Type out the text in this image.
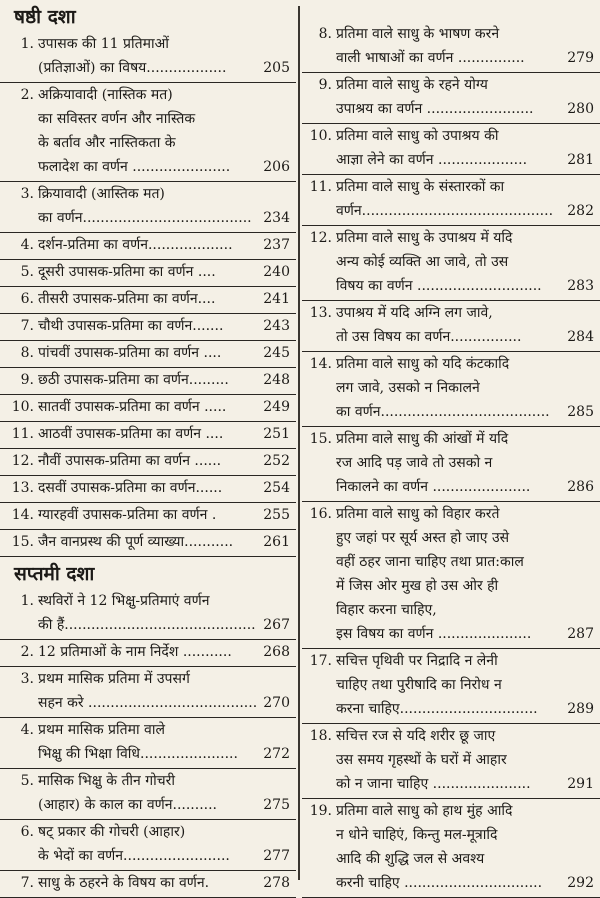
षष्ठी दशा
1. उपासक की 11 प्रतिमाओं
(प्रतिज्ञाओं) का विषय..................	205
2. अक्रियावादी (नास्तिक मत)
का सविस्तर वर्णन और नास्तिक
के बर्ताव और नास्तिकता के
फलादेश का वर्णन ...................... 206
3. क्रियावादी (आस्तिक मत)
का वर्णन...................................... 234
4. दर्शन-प्रतिमा का वर्णन................... 237
5. दूसरी उपासक-प्रतिमा का वर्णन ....	240
6. तीसरी उपासक-प्रतिमा का वर्णन....	241
7. चौथी उपासक-प्रतिमा का वर्णन.......	243
8. पांचवीं उपासक-प्रतिमा का वर्णन ....	245
9. छठी उपासक-प्रतिमा का वर्णन......... 248
10. सातवीं उपासक-प्रतिमा का वर्णन .....	249
11. आठवीं उपासक-प्रतिमा का वर्णन ....	251
12. नौवीं उपासक-प्रतिमा का वर्णन ......	252
13. दसवीं उपासक-प्रतिमा का वर्णन......	254
14. ग्यारहवीं उपासक-प्रतिमा का वर्णन .	255
15. जैन वानप्रस्थ की पूर्ण व्याख्या........... 261
सप्तमी दशा
1. स्थविरों ने 12 भिक्षु-प्रतिमाएं वर्णन
की हैं........................................... 267
2. 12 प्रतिमाओं के नाम निर्देश ........... 268
3. प्रथम मासिक प्रतिमा में उपसर्ग
सहन करे ...................................... 270
4. प्रथम मासिक प्रतिमा वाले
भिक्षु की भिक्षा विधि...................... 272
5. मासिक भिक्षु के तीन गोचरी
(आहार) के काल का वर्णन..........	275
6. षट् प्रकार की गोचरी (आहार)
के भेदों का वर्णन........................ 277
7. साधु के ठहरने के विषय का वर्णन.	278
8. प्रतिमा वाले साधु के भाषण करने
वाली भाषाओं का वर्णन ...............	279
9. प्रतिमा वाले साधु के रहने योग्य
उपाश्रय का वर्णन ........................ 280
10. प्रतिमा वाले साधु को उपाश्रय की
आज्ञा लेने का वर्णन ....................	281
11. प्रतिमा वाले साधु के संस्तारकों का
वर्णन........................................... 282
12. प्रतिमा वाले साधु के उपाश्रय में यदि
अन्य कोई व्यक्ति आ जावे, तो उस
विषय का वर्णन ............................ 283
13. उपाश्रय में यदि अग्नि लग जावे,
तो उस विषय का वर्णन................	284
14. प्रतिमा वाले साधु को यदि कंटकादि
लग जावे, उसको न निकालने
का वर्णन...................................... 285
15. प्रतिमा वाले साधु की आंखों में यदि
रज आदि पड़ जावे तो उसको न
निकालने का वर्णन ......................	286
16. प्रतिमा वाले साधु को विहार करते
हुए जहां पर सूर्य अस्त हो जाए उसे
वहीं ठहर जाना चाहिए तथा प्रात:काल
में जिस ओर मुख हो उस ओर ही
विहार करना चाहिए,
इस विषय का वर्णन .....................	287
17. सचित्त पृथिवी पर निद्रादि न लेनी
चाहिए तथा पुरीषादि का निरोध न
करना चाहिए............................... 289
18. सचित्त रज से यदि शरीर छू जाए
उस समय गृहस्थों के घरों में आहार
को न जाना चाहिए ......................	291
19. प्रतिमा वाले साधु को हाथ मुंह आदि
न धोने चाहिएं, किन्तु मल-मूत्रादि
आदि की शुद्धि जल से अवश्य
करनी चाहिए ............................... 292
